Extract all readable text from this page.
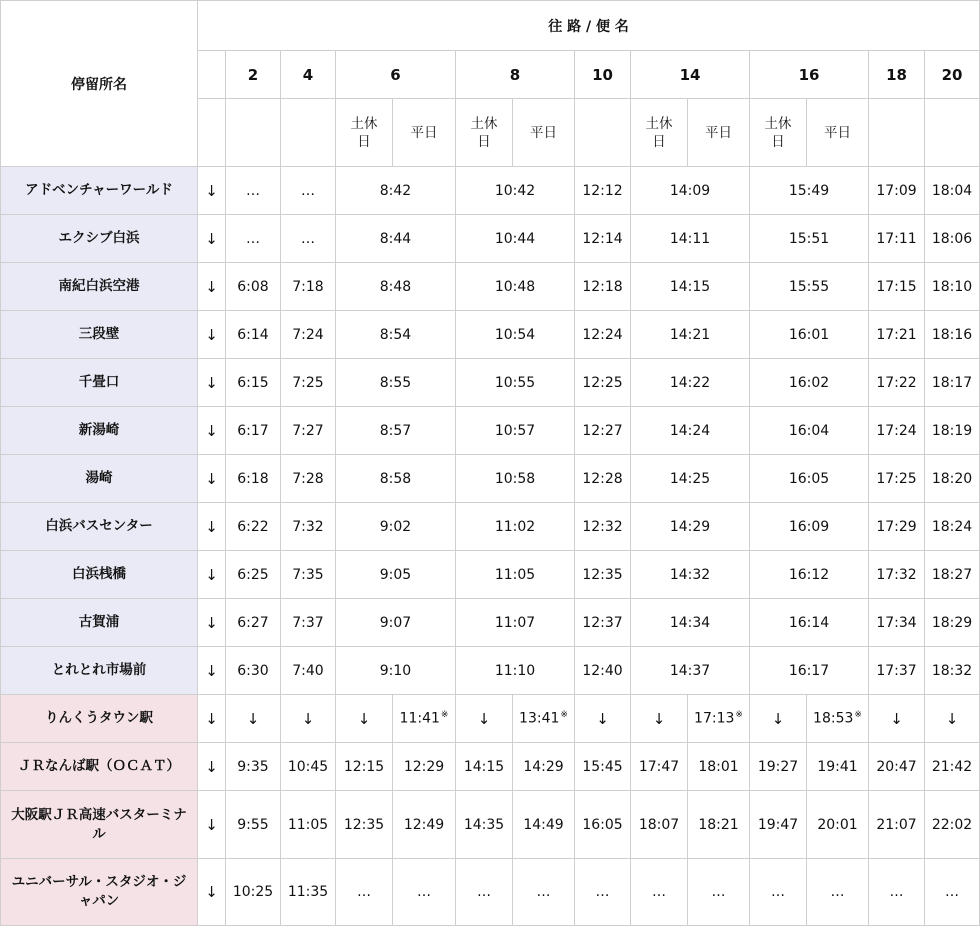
停留所名	往 路 / 便 名													
		2	4	6		8		10	14		16		18	20
				土休日	平日	土休日	平日		土休日	平日	土休日	平日		
アドベンチャーワールド	↓	…	…	8:42		10:42		12:12	14:09		15:49		17:09	18:04
エクシブ白浜	↓	…	…	8:44		10:44		12:14	14:11		15:51		17:11	18:06
南紀白浜空港	↓	6:08	7:18	8:48		10:48		12:18	14:15		15:55		17:15	18:10
三段壁	↓	6:14	7:24	8:54		10:54		12:24	14:21		16:01		17:21	18:16
千畳口	↓	6:15	7:25	8:55		10:55		12:25	14:22		16:02		17:22	18:17
新湯崎	↓	6:17	7:27	8:57		10:57		12:27	14:24		16:04		17:24	18:19
湯崎	↓	6:18	7:28	8:58		10:58		12:28	14:25		16:05		17:25	18:20
白浜バスセンター	↓	6:22	7:32	9:02		11:02		12:32	14:29		16:09		17:29	18:24
白浜桟橋	↓	6:25	7:35	9:05		11:05		12:35	14:32		16:12		17:32	18:27
古賀浦	↓	6:27	7:37	9:07		11:07		12:37	14:34		16:14		17:34	18:29
とれとれ市場前	↓	6:30	7:40	9:10		11:10		12:40	14:37		16:17		17:37	18:32
りんくうタウン駅	↓	↓	↓	↓	11:41※	↓	13:41※	↓	↓	17:13※	↓	18:53※	↓	↓
ＪＲなんば駅（ＯＣＡＴ）	↓	9:35	10:45	12:15	12:29	14:15	14:29	15:45	17:47	18:01	19:27	19:41	20:47	21:42
大阪駅ＪＲ高速バスターミナル	↓	9:55	11:05	12:35	12:49	14:35	14:49	16:05	18:07	18:21	19:47	20:01	21:07	22:02
ユニバーサル・スタジオ・ジャパン	↓	10:25	11:35	…	…	…	…	…	…	…	…	…	…	…
